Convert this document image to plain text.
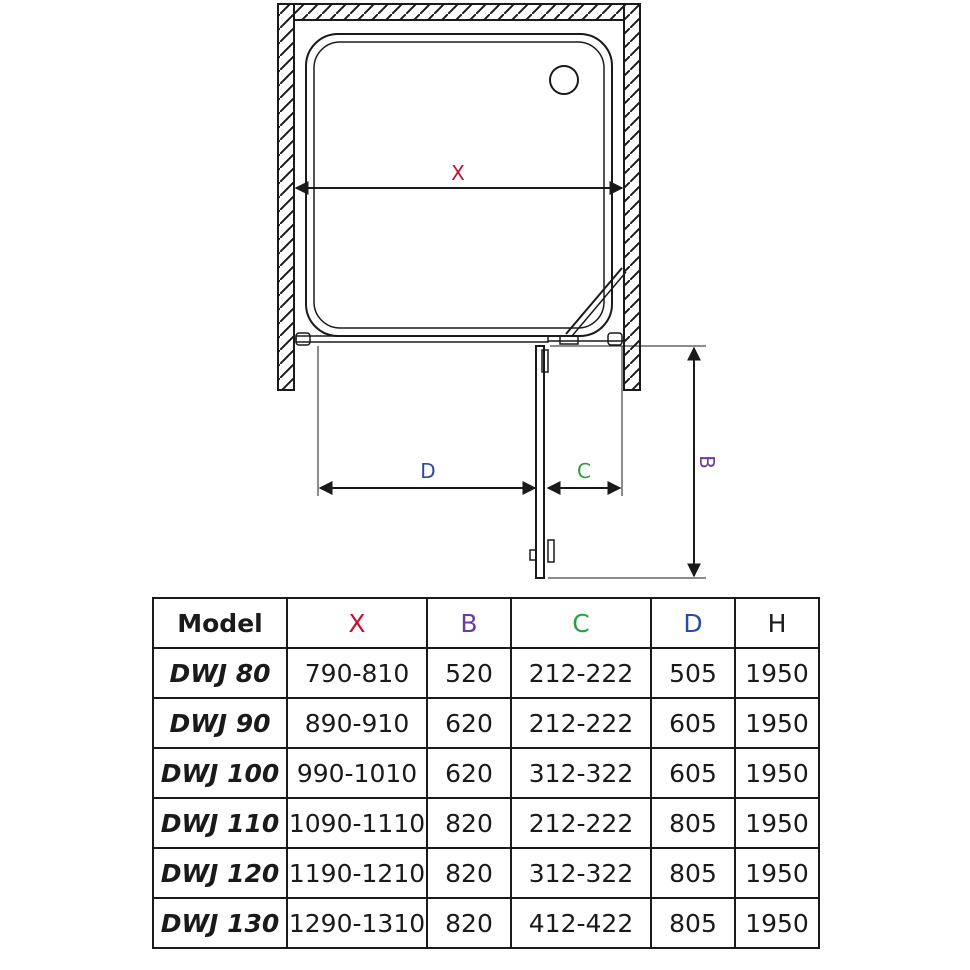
X
D	C	B
Model	X	B	C	D	H
DWJ 80	790-810	520	212-222	505	1950
DWJ 90	890-910	620	212-222	605	1950
DWJ 100	990-1010	620	312-322	605	1950
DWJ 110	1090-1110	820	212-222	805	1950
DWJ 120	1190-1210	820	312-322	805	1950
DWJ 130	1290-1310	820	412-422	805	1950
